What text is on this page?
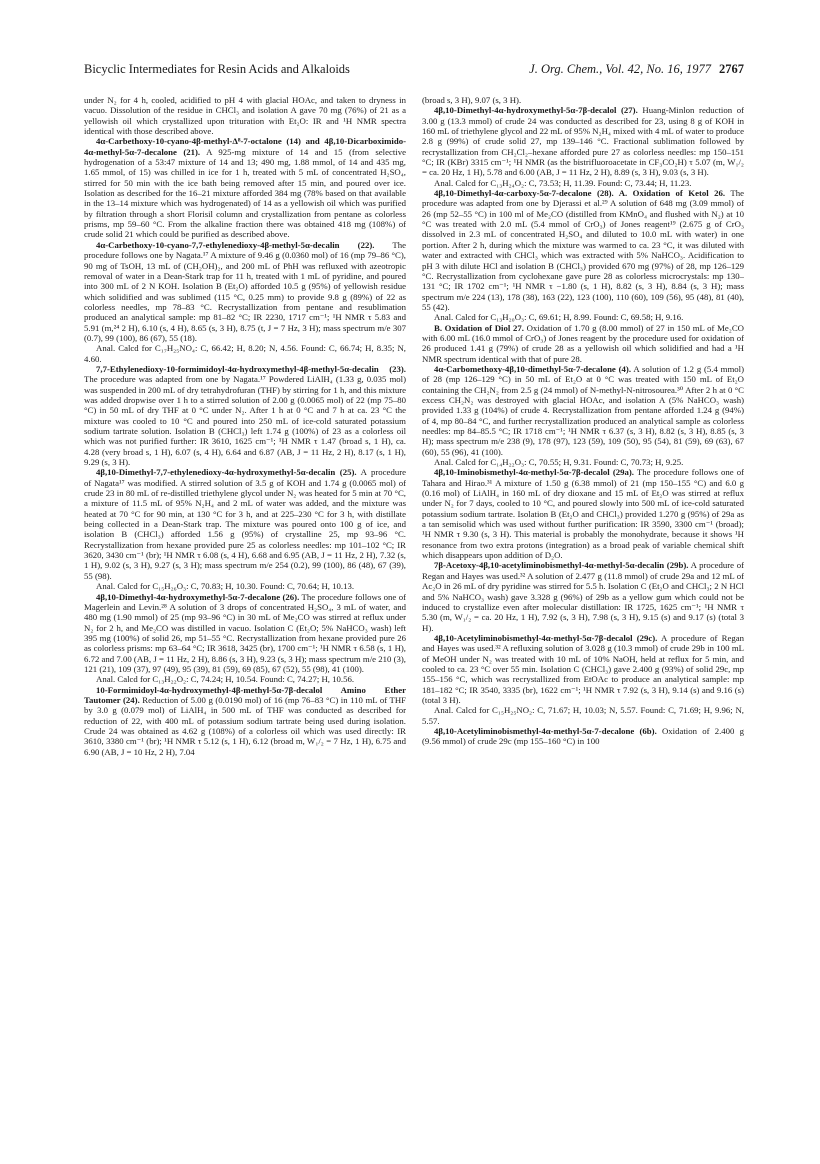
Bicyclic Intermediates for Resin Acids and Alkaloids	J. Org. Chem., Vol. 42, No. 16, 1977 2767

under N₂ for 4 h, cooled, acidified to pH 4 with glacial HOAc, and taken to dryness in vacuo. Dissolution of the residue in CHCl₃ and isolation A gave 70 mg (76%) of 21 as a yellowish oil which crystallized upon trituration with Et₂O: IR and ¹H NMR spectra identical with those described above.

4α-Carbethoxy-10-cyano-4β-methyl-Δ⁸-7-octalone (14) and 4β,10-Dicarboximido-4α-methyl-5α-7-decalone (21). A 925-mg mixture of 14 and 15 (from selective hydrogenation of a 53:47 mixture of 14 and 13; 490 mg, 1.88 mmol, of 14 and 435 mg, 1.65 mmol, of 15) was chilled in ice for 1 h, treated with 5 mL of concentrated H₂SO₄, stirred for 50 min with the ice bath being removed after 15 min, and poured over ice. Isolation as described for the 16–21 mixture afforded 384 mg (78% based on that available in the 13–14 mixture which was hydrogenated) of 14 as a yellowish oil which was purified by filtration through a short Florisil column and crystallization from pentane as colorless prisms, mp 59–60 °C. From the alkaline fraction there was obtained 418 mg (108%) of crude solid 21 which could be purified as described above.

4α-Carbethoxy-10-cyano-7,7-ethylenedioxy-4β-methyl-5α-decalin (22). The procedure follows one by Nagata.¹⁷ A mixture of 9.46 g (0.0360 mol) of 16 (mp 79–86 °C), 90 mg of TsOH, 13 mL of (CH₂OH)₂, and 200 mL of PhH was refluxed with azeotropic removal of water in a Dean-Stark trap for 11 h, treated with 1 mL of pyridine, and poured into 300 mL of 2 N KOH. Isolation B (Et₂O) afforded 10.5 g (95%) of yellowish residue which solidified and was sublimed (115 °C, 0.25 mm) to provide 9.8 g (89%) of 22 as colorless needles, mp 78–83 °C. Recrystallization from pentane and resublimation produced an analytical sample: mp 81–82 °C; IR 2230, 1717 cm⁻¹; ¹H NMR τ 5.83 and 5.91 (m,²⁴ 2 H), 6.10 (s, 4 H), 8.65 (s, 3 H), 8.75 (t, J = 7 Hz, 3 H); mass spectrum m/e 307 (0.7), 99 (100), 86 (67), 55 (18).

Anal. Calcd for C₁₇H₂₅NO₄: C, 66.42; H, 8.20; N, 4.56. Found: C, 66.74; H, 8.35; N, 4.60.

7,7-Ethylenedioxy-10-formimidoyl-4α-hydroxymethyl-4β-methyl-5α-decalin (23). The procedure was adapted from one by Nagata.¹⁷ Powdered LiAlH₄ (1.33 g, 0.035 mol) was suspended in 200 mL of dry tetrahydrofuran (THF) by stirring for 1 h, and this mixture was added dropwise over 1 h to a stirred solution of 2.00 g (0.0065 mol) of 22 (mp 75–80 °C) in 50 mL of dry THF at 0 °C under N₂. After 1 h at 0 °C and 7 h at ca. 23 °C the mixture was cooled to 10 °C and poured into 250 mL of ice-cold saturated potassium sodium tartrate solution. Isolation B (CHCl₃) left 1.74 g (100%) of 23 as a colorless oil which was not purified further: IR 3610, 1625 cm⁻¹; ¹H NMR τ 1.47 (broad s, 1 H), ca. 4.28 (very broad s, 1 H), 6.07 (s, 4 H), 6.64 and 6.87 (AB, J = 11 Hz, 2 H), 8.17 (s, 1 H), 9.29 (s, 3 H).

4β,10-Dimethyl-7,7-ethylenedioxy-4α-hydroxymethyl-5α-decalin (25). A procedure of Nagata¹⁷ was modified. A stirred solution of 3.5 g of KOH and 1.74 g (0.0065 mol) of crude 23 in 80 mL of re-distilled triethylene glycol under N₂ was heated for 5 min at 70 °C, a mixture of 11.5 mL of 95% N₂H₄ and 2 mL of water was added, and the mixture was heated at 70 °C for 90 min, at 130 °C for 3 h, and at 225–230 °C for 3 h, with distillate being collected in a Dean-Stark trap. The mixture was poured onto 100 g of ice, and isolation B (CHCl₃) afforded 1.56 g (95%) of crystalline 25, mp 93–96 °C. Recrystallization from hexane provided pure 25 as colorless needles: mp 101–102 °C; IR 3620, 3430 cm⁻¹ (br); ¹H NMR τ 6.08 (s, 4 H), 6.68 and 6.95 (AB, J = 11 Hz, 2 H), 7.32 (s, 1 H), 9.02 (s, 3 H), 9.27 (s, 3 H); mass spectrum m/e 254 (0.2), 99 (100), 86 (48), 67 (39), 55 (98).

Anal. Calcd for C₁₅H₂₆O₃: C, 70.83; H, 10.30. Found: C, 70.64; H, 10.13.

4β,10-Dimethyl-4α-hydroxymethyl-5α-7-decalone (26). The procedure follows one of Magerlein and Levin.²⁸ A solution of 3 drops of concentrated H₂SO₄, 3 mL of water, and 480 mg (1.90 mmol) of 25 (mp 93–96 °C) in 30 mL of Me₂CO was stirred at reflux under N₂ for 2 h, and Me₂CO was distilled in vacuo. Isolation C (Et₂O; 5% NaHCO₃ wash) left 395 mg (100%) of solid 26, mp 51–55 °C. Recrystallization from hexane provided pure 26 as colorless prisms: mp 63–64 °C; IR 3618, 3425 (br), 1700 cm⁻¹; ¹H NMR τ 6.58 (s, 1 H), 6.72 and 7.00 (AB, J = 11 Hz, 2 H), 8.86 (s, 3 H), 9.23 (s, 3 H); mass spectrum m/e 210 (3), 121 (21), 109 (37), 97 (49), 95 (39), 81 (59), 69 (85), 67 (52), 55 (98), 41 (100).

Anal. Calcd for C₁₃H₂₂O₂: C, 74.24; H, 10.54. Found: C, 74.27; H, 10.56.

10-Formimidoyl-4α-hydroxymethyl-4β-methyl-5α-7β-decalol Amino Ether Tautomer (24). Reduction of 5.00 g (0.0190 mol) of 16 (mp 76–83 °C) in 110 mL of THF by 3.0 g (0.079 mol) of LiAlH₄ in 500 mL of THF was conducted as described for reduction of 22, with 400 mL of potassium sodium tartrate being used during isolation. Crude 24 was obtained as 4.62 g (108%) of a colorless oil which was used directly: IR 3610, 3380 cm⁻¹ (br); ¹H NMR τ 5.12 (s, 1 H), 6.12 (broad m, W₁/₂ = 7 Hz, 1 H), 6.75 and 6.90 (AB, J = 10 Hz, 2 H), 7.04

(broad s, 3 H), 9.07 (s, 3 H).

4β,10-Dimethyl-4α-hydroxymethyl-5α-7β-decalol (27). Huang-Minlon reduction of 3.00 g (13.3 mmol) of crude 24 was conducted as described for 23, using 8 g of KOH in 160 mL of triethylene glycol and 22 mL of 95% N₂H₄ mixed with 4 mL of water to produce 2.8 g (99%) of crude solid 27, mp 139–146 °C. Fractional sublimation followed by recrystallization from CH₂Cl₂–hexane afforded pure 27 as colorless needles: mp 150–151 °C; IR (KBr) 3315 cm⁻¹; ¹H NMR (as the bistrifluoroacetate in CF₃CO₂H) τ 5.07 (m, W₁/₂ = ca. 20 Hz, 1 H), 5.78 and 6.00 (AB, J = 11 Hz, 2 H), 8.89 (s, 3 H), 9.03 (s, 3 H).

Anal. Calcd for C₁₃H₂₄O₂: C, 73.53; H, 11.39. Found: C, 73.44; H, 11.23.

4β,10-Dimethyl-4α-carboxy-5α-7-decalone (28). A. Oxidation of Ketol 26. The procedure was adapted from one by Djerassi et al.²⁹ A solution of 648 mg (3.09 mmol) of 26 (mp 52–55 °C) in 100 ml of Me₂CO (distilled from KMnO₄ and flushed with N₂) at 10 °C was treated with 2.0 mL (5.4 mmol of CrO₃) of Jones reagent¹⁹ (2.675 g of CrO₃ dissolved in 2.3 mL of concentrated H₂SO₄ and diluted to 10.0 mL with water) in one portion. After 2 h, during which the mixture was warmed to ca. 23 °C, it was diluted with water and extracted with CHCl₃ which was extracted with 5% NaHCO₃. Acidification to pH 3 with dilute HCl and isolation B (CHCl₃) provided 670 mg (97%) of 28, mp 126–129 °C. Recrystallization from cyclohexane gave pure 28 as colorless microcrystals: mp 130–131 °C; IR 1702 cm⁻¹; ¹H NMR τ −1.80 (s, 1 H), 8.82 (s, 3 H), 8.84 (s, 3 H); mass spectrum m/e 224 (13), 178 (38), 163 (22), 123 (100), 110 (60), 109 (56), 95 (48), 81 (40), 55 (42).

Anal. Calcd for C₁₃H₂₀O₃: C, 69.61; H, 8.99. Found: C, 69.58; H, 9.16.

B. Oxidation of Diol 27. Oxidation of 1.70 g (8.00 mmol) of 27 in 150 mL of Me₂CO with 6.00 mL (16.0 mmol of CrO₃) of Jones reagent by the procedure used for oxidation of 26 produced 1.41 g (79%) of crude 28 as a yellowish oil which solidified and had a ¹H NMR spectrum identical with that of pure 28.

4α-Carbomethoxy-4β,10-dimethyl-5α-7-decalone (4). A solution of 1.2 g (5.4 mmol) of 28 (mp 126–129 °C) in 50 mL of Et₂O at 0 °C was treated with 150 mL of Et₂O containing the CH₂N₂ from 2.5 g (24 mmol) of N-methyl-N-nitrosourea.³⁰ After 2 h at 0 °C excess CH₂N₂ was destroyed with glacial HOAc, and isolation A (5% NaHCO₃ wash) provided 1.33 g (104%) of crude 4. Recrystallization from pentane afforded 1.24 g (94%) of 4, mp 80–84 °C, and further recrystallization produced an analytical sample as colorless needles: mp 84–85.5 °C; IR 1718 cm⁻¹; ¹H NMR τ 6.37 (s, 3 H), 8.82 (s, 3 H), 8.85 (s, 3 H); mass spectrum m/e 238 (9), 178 (97), 123 (59), 109 (50), 95 (54), 81 (59), 69 (63), 67 (60), 55 (96), 41 (100).

Anal. Calcd for C₁₄H₂₂O₃: C, 70.55; H, 9.31. Found: C, 70.73; H, 9.25.

4β,10-Iminobismethyl-4α-methyl-5α-7β-decalol (29a). The procedure follows one of Tahara and Hirao.³¹ A mixture of 1.50 g (6.38 mmol) of 21 (mp 150–155 °C) and 6.0 g (0.16 mol) of LiAlH₄ in 160 mL of dry dioxane and 15 mL of Et₂O was stirred at reflux under N₂ for 7 days, cooled to 10 °C, and poured slowly into 500 mL of ice-cold saturated potassium sodium tartrate. Isolation B (Et₂O and CHCl₃) provided 1.270 g (95%) of 29a as a tan semisolid which was used without further purification: IR 3590, 3300 cm⁻¹ (broad); ¹H NMR τ 9.30 (s, 3 H). This material is probably the monohydrate, because it shows ¹H resonance from two extra protons (integration) as a broad peak of variable chemical shift which disappears upon addition of D₂O.

7β-Acetoxy-4β,10-acetyliminobismethyl-4α-methyl-5α-decalin (29b). A procedure of Regan and Hayes was used.³² A solution of 2.477 g (11.8 mmol) of crude 29a and 12 mL of Ac₂O in 26 mL of dry pyridine was stirred for 5.5 h. Isolation C (Et₂O and CHCl₃; 2 N HCl and 5% NaHCO₃ wash) gave 3.328 g (96%) of 29b as a yellow gum which could not be induced to crystallize even after molecular distillation: IR 1725, 1625 cm⁻¹; ¹H NMR τ 5.30 (m, W₁/₂ = ca. 20 Hz, 1 H), 7.92 (s, 3 H), 7.98 (s, 3 H), 9.15 (s) and 9.17 (s) (total 3 H).

4β,10-Acetyliminobismethyl-4α-methyl-5α-7β-decalol (29c). A procedure of Regan and Hayes was used.³² A refluxing solution of 3.028 g (10.3 mmol) of crude 29b in 100 mL of MeOH under N₂ was treated with 10 mL of 10% NaOH, held at reflux for 5 min, and cooled to ca. 23 °C over 55 min. Isolation C (CHCl₃) gave 2.400 g (93%) of solid 29c, mp 155–156 °C, which was recrystallized from EtOAc to produce an analytical sample: mp 181–182 °C; IR 3540, 3335 (br), 1622 cm⁻¹; ¹H NMR τ 7.92 (s, 3 H), 9.14 (s) and 9.16 (s) (total 3 H).

Anal. Calcd for C₁₅H₂₅NO₂: C, 71.67; H, 10.03; N, 5.57. Found: C, 71.69; H, 9.96; N, 5.57.

4β,10-Acetyliminobismethyl-4α-methyl-5α-7-decalone (6b). Oxidation of 2.400 g (9.56 mmol) of crude 29c (mp 155–160 °C) in 100
